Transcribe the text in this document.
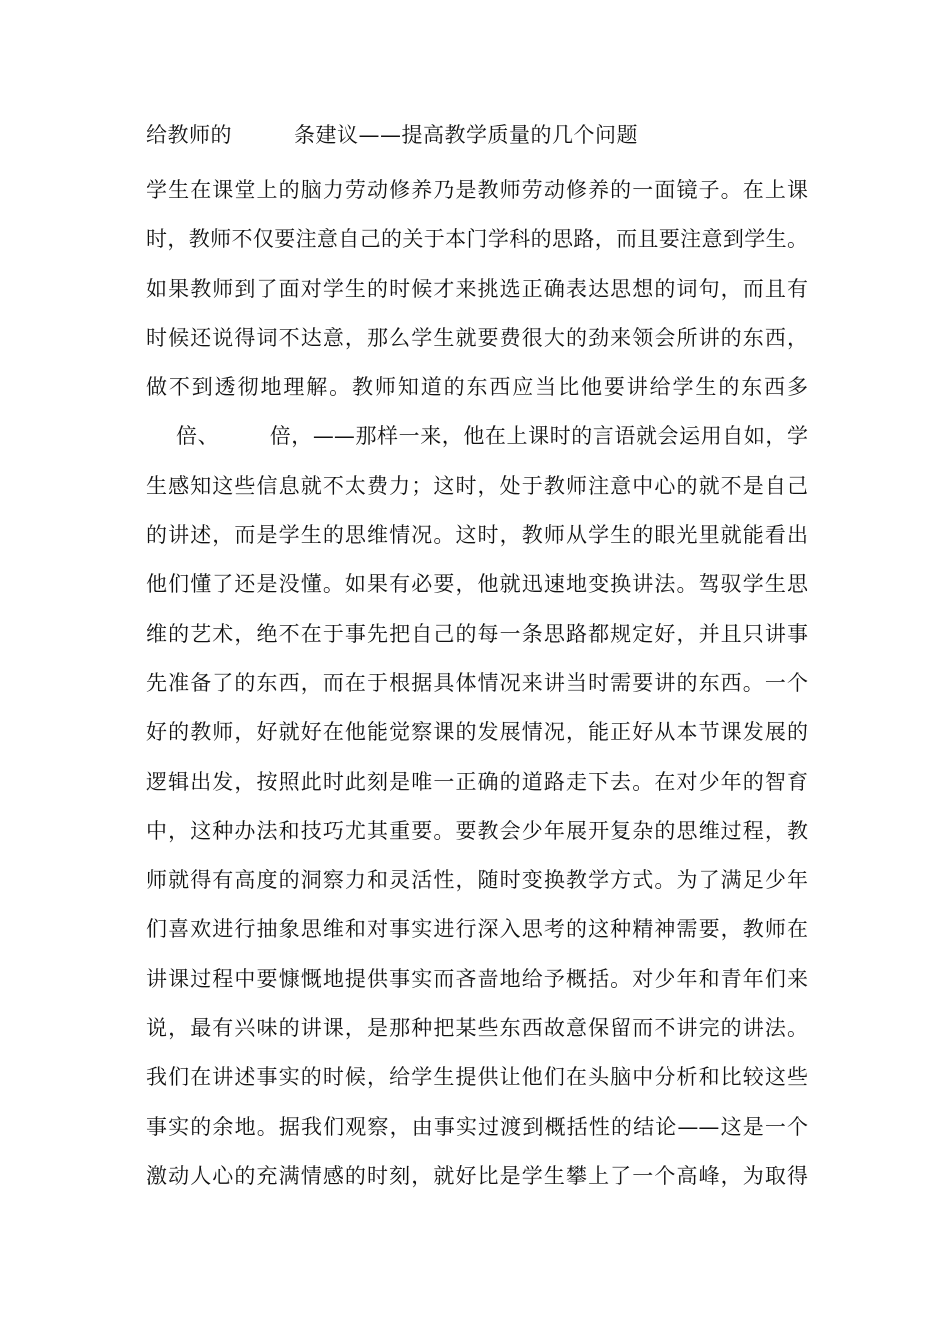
给教师的	条建议——提高教学质量的几个问题
学生在课堂上的脑力劳动修养乃是教师劳动修养的一面镜子。在上课
时，教师不仅要注意自己的关于本门学科的思路，而且要注意到学生。
如果教师到了面对学生的时候才来挑选正确表达思想的词句，而且有
时候还说得词不达意，那么学生就要费很大的劲来领会所讲的东西，
做不到透彻地理解。教师知道的东西应当比他要讲给学生的东西多
倍、 倍，——那样一来，他在上课时的言语就会运用自如，学
生感知这些信息就不太费力；这时，处于教师注意中心的就不是自己
的讲述，而是学生的思维情况。这时，教师从学生的眼光里就能看出
他们懂了还是没懂。如果有必要，他就迅速地变换讲法。驾驭学生思
维的艺术，绝不在于事先把自己的每一条思路都规定好，并且只讲事
先准备了的东西，而在于根据具体情况来讲当时需要讲的东西。一个
好的教师，好就好在他能觉察课的发展情况，能正好从本节课发展的
逻辑出发，按照此时此刻是唯一正确的道路走下去。在对少年的智育
中，这种办法和技巧尤其重要。要教会少年展开复杂的思维过程，教
师就得有高度的洞察力和灵活性，随时变换教学方式。为了满足少年
们喜欢进行抽象思维和对事实进行深入思考的这种精神需要，教师在
讲课过程中要慷慨地提供事实而吝啬地给予概括。对少年和青年们来
说，最有兴味的讲课，是那种把某些东西故意保留而不讲完的讲法。
我们在讲述事实的时候，给学生提供让他们在头脑中分析和比较这些
事实的余地。据我们观察，由事实过渡到概括性的结论——这是一个
激动人心的充满情感的时刻，就好比是学生攀上了一个高峰，为取得
